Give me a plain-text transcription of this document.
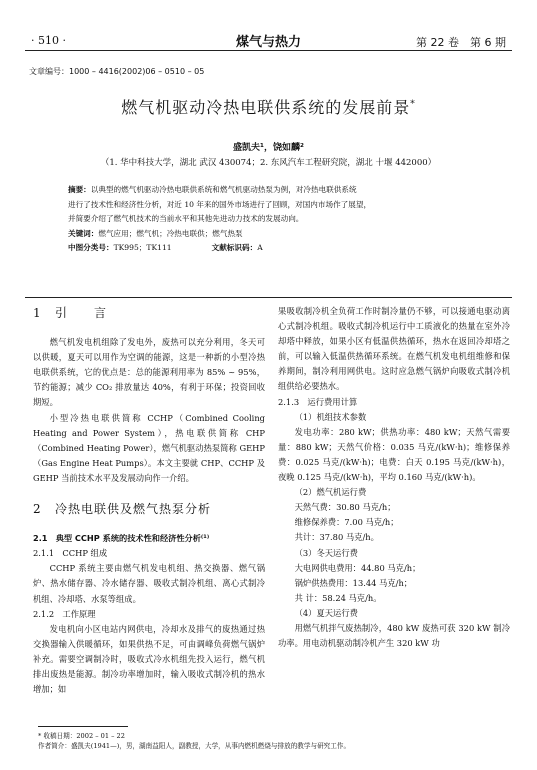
· 510 ·	煤气与热力	第 22 卷　第 6 期
文章编号：1000 – 4416(2002)06 – 0510 – 05
燃气机驱动冷热电联供系统的发展前景*
盛凯夫¹，饶如麟²
（1. 华中科技大学，湖北 武汉 430074；2. 东风汽车工程研究院，湖北 十堰 442000）
摘要：以典型的燃气机驱动冷热电联供系统和燃气机驱动热泵为例，对冷热电联供系统
进行了技术性和经济性分析，对近 10 年来的国外市场进行了回顾，对国内市场作了展望，
并简要介绍了燃气机技术的当前水平和其他先进动力技术的发展动向。
关键词：燃气应用；燃气机；冷热电联供；燃气热泵
中图分类号：TK995；TK111	文献标识码：A
1 引　　言

燃气机发电机组除了发电外，废热可以充分利用，冬天可以供暖，夏天可以用作为空调的能源，这是一种新的小型冷热电联供系统，它的优点是：总的能源利用率为 85% ~ 95%，节约能源；减少 CO₂ 排放量达 40%，有利于环保；投资回收期短。

小型冷热电联供简称 CCHP（Combined Cooling Heating and Power System），热电联供简称 CHP（Combined Heating Power），燃气机驱动热泵简称 GEHP（Gas Engine Heat Pumps）。本文主要就 CHP、CCHP 及 GEHP 当前技术水平及发展动向作一介绍。

2 冷热电联供及燃气热泵分析
2.1　典型 CCHP 系统的技术性和经济性分析⁽¹⁾
2.1.1　CCHP 组成

CCHP 系统主要由燃气机发电机组、热交换器、燃气锅炉、热水储存器、冷水储存器、吸收式制冷机组、离心式制冷机组、冷却塔、水泵等组成。

2.1.2　工作原理

发电机向小区电站内网供电，冷却水及排气的废热通过热交换器输入供暖循环，如果供热不足，可由调峰负荷燃气锅炉补充。需要空调制冷时，吸收式冷水机组先投入运行，燃气机排出废热是能源。制冷功率增加时，输入吸收式制冷机的热水增加；如

果吸收制冷机全负荷工作时制冷量仍不够，可以接通电驱动离心式制冷机组。吸收式制冷机运行中工质液化的热量在室外冷却塔中释放，如果小区有低温供热循环，热水在返回冷却塔之前，可以输入低温供热循环系统。在燃气机发电机组维修和保养期间，制冷利用网供电。这时应急燃气锅炉向吸收式制冷机组供给必要热水。

2.1.3　运行费用计算
（1）机组技术参数

发电功率：280 kW；供热功率：480 kW；天然气需要量：880 kW；天然气价格：0.035 马克/(kW·h)；维修保养费：0.025 马克/(kW·h)；电费：白天 0.195 马克/(kW·h)，夜晚 0.125 马克/(kW·h)，平均 0.160 马克/(kW·h)。

（2）燃气机运行费
天然气费：30.80 马克/h；
维修保养费：7.00 马克/h；
共计：37.80 马克/h。
（3）冬天运行费
大电网供电费用：44.80 马克/h；
锅炉供热费用：13.44 马克/h；
共 计：58.24 马克/h。
（4）夏天运行费

用燃气机拌气废热制冷，480 kW 废热可获 320 kW 制冷功率。用电动机驱动制冷机产生 320 kW 功

* 收稿日期：2002 – 01 – 22
作者简介：盛凯夫(1941—)，男，湖南益阳人，副教授，大学，从事内燃机燃烧与排放的教学与研究工作。
